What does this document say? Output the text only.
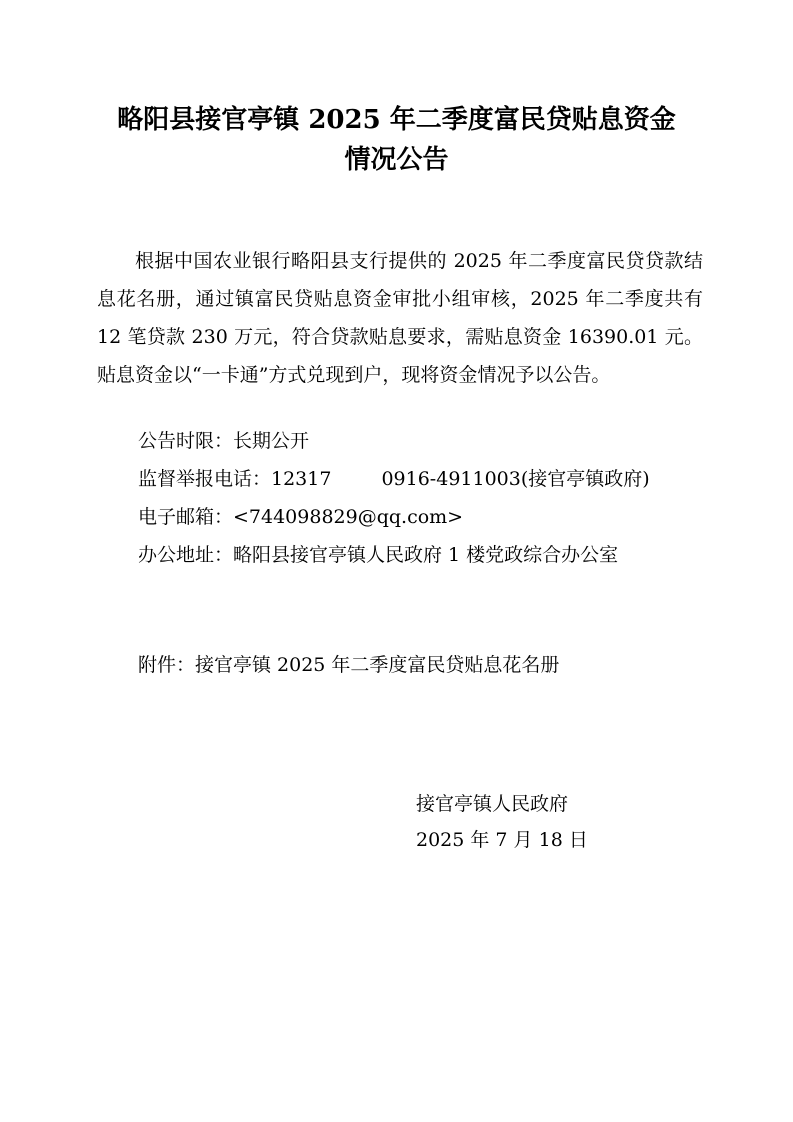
略阳县接官亭镇 2025 年二季度富民贷贴息资金
情况公告

根据中国农业银行略阳县支行提供的 2025 年二季度富民贷贷款结息花名册，通过镇富民贷贴息资金审批小组审核，2025 年二季度共有 12 笔贷款 230 万元，符合贷款贴息要求，需贴息资金 16390.01 元。贴息资金以“一卡通”方式兑现到户，现将资金情况予以公告。

公告时限：长期公开
监督举报电话：12317	0916-4911003(接官亭镇政府)
电子邮箱：<744098829@qq.com>
办公地址：略阳县接官亭镇人民政府 1 楼党政综合办公室
附件：接官亭镇 2025 年二季度富民贷贴息花名册
接官亭镇人民政府
2025 年 7 月 18 日
